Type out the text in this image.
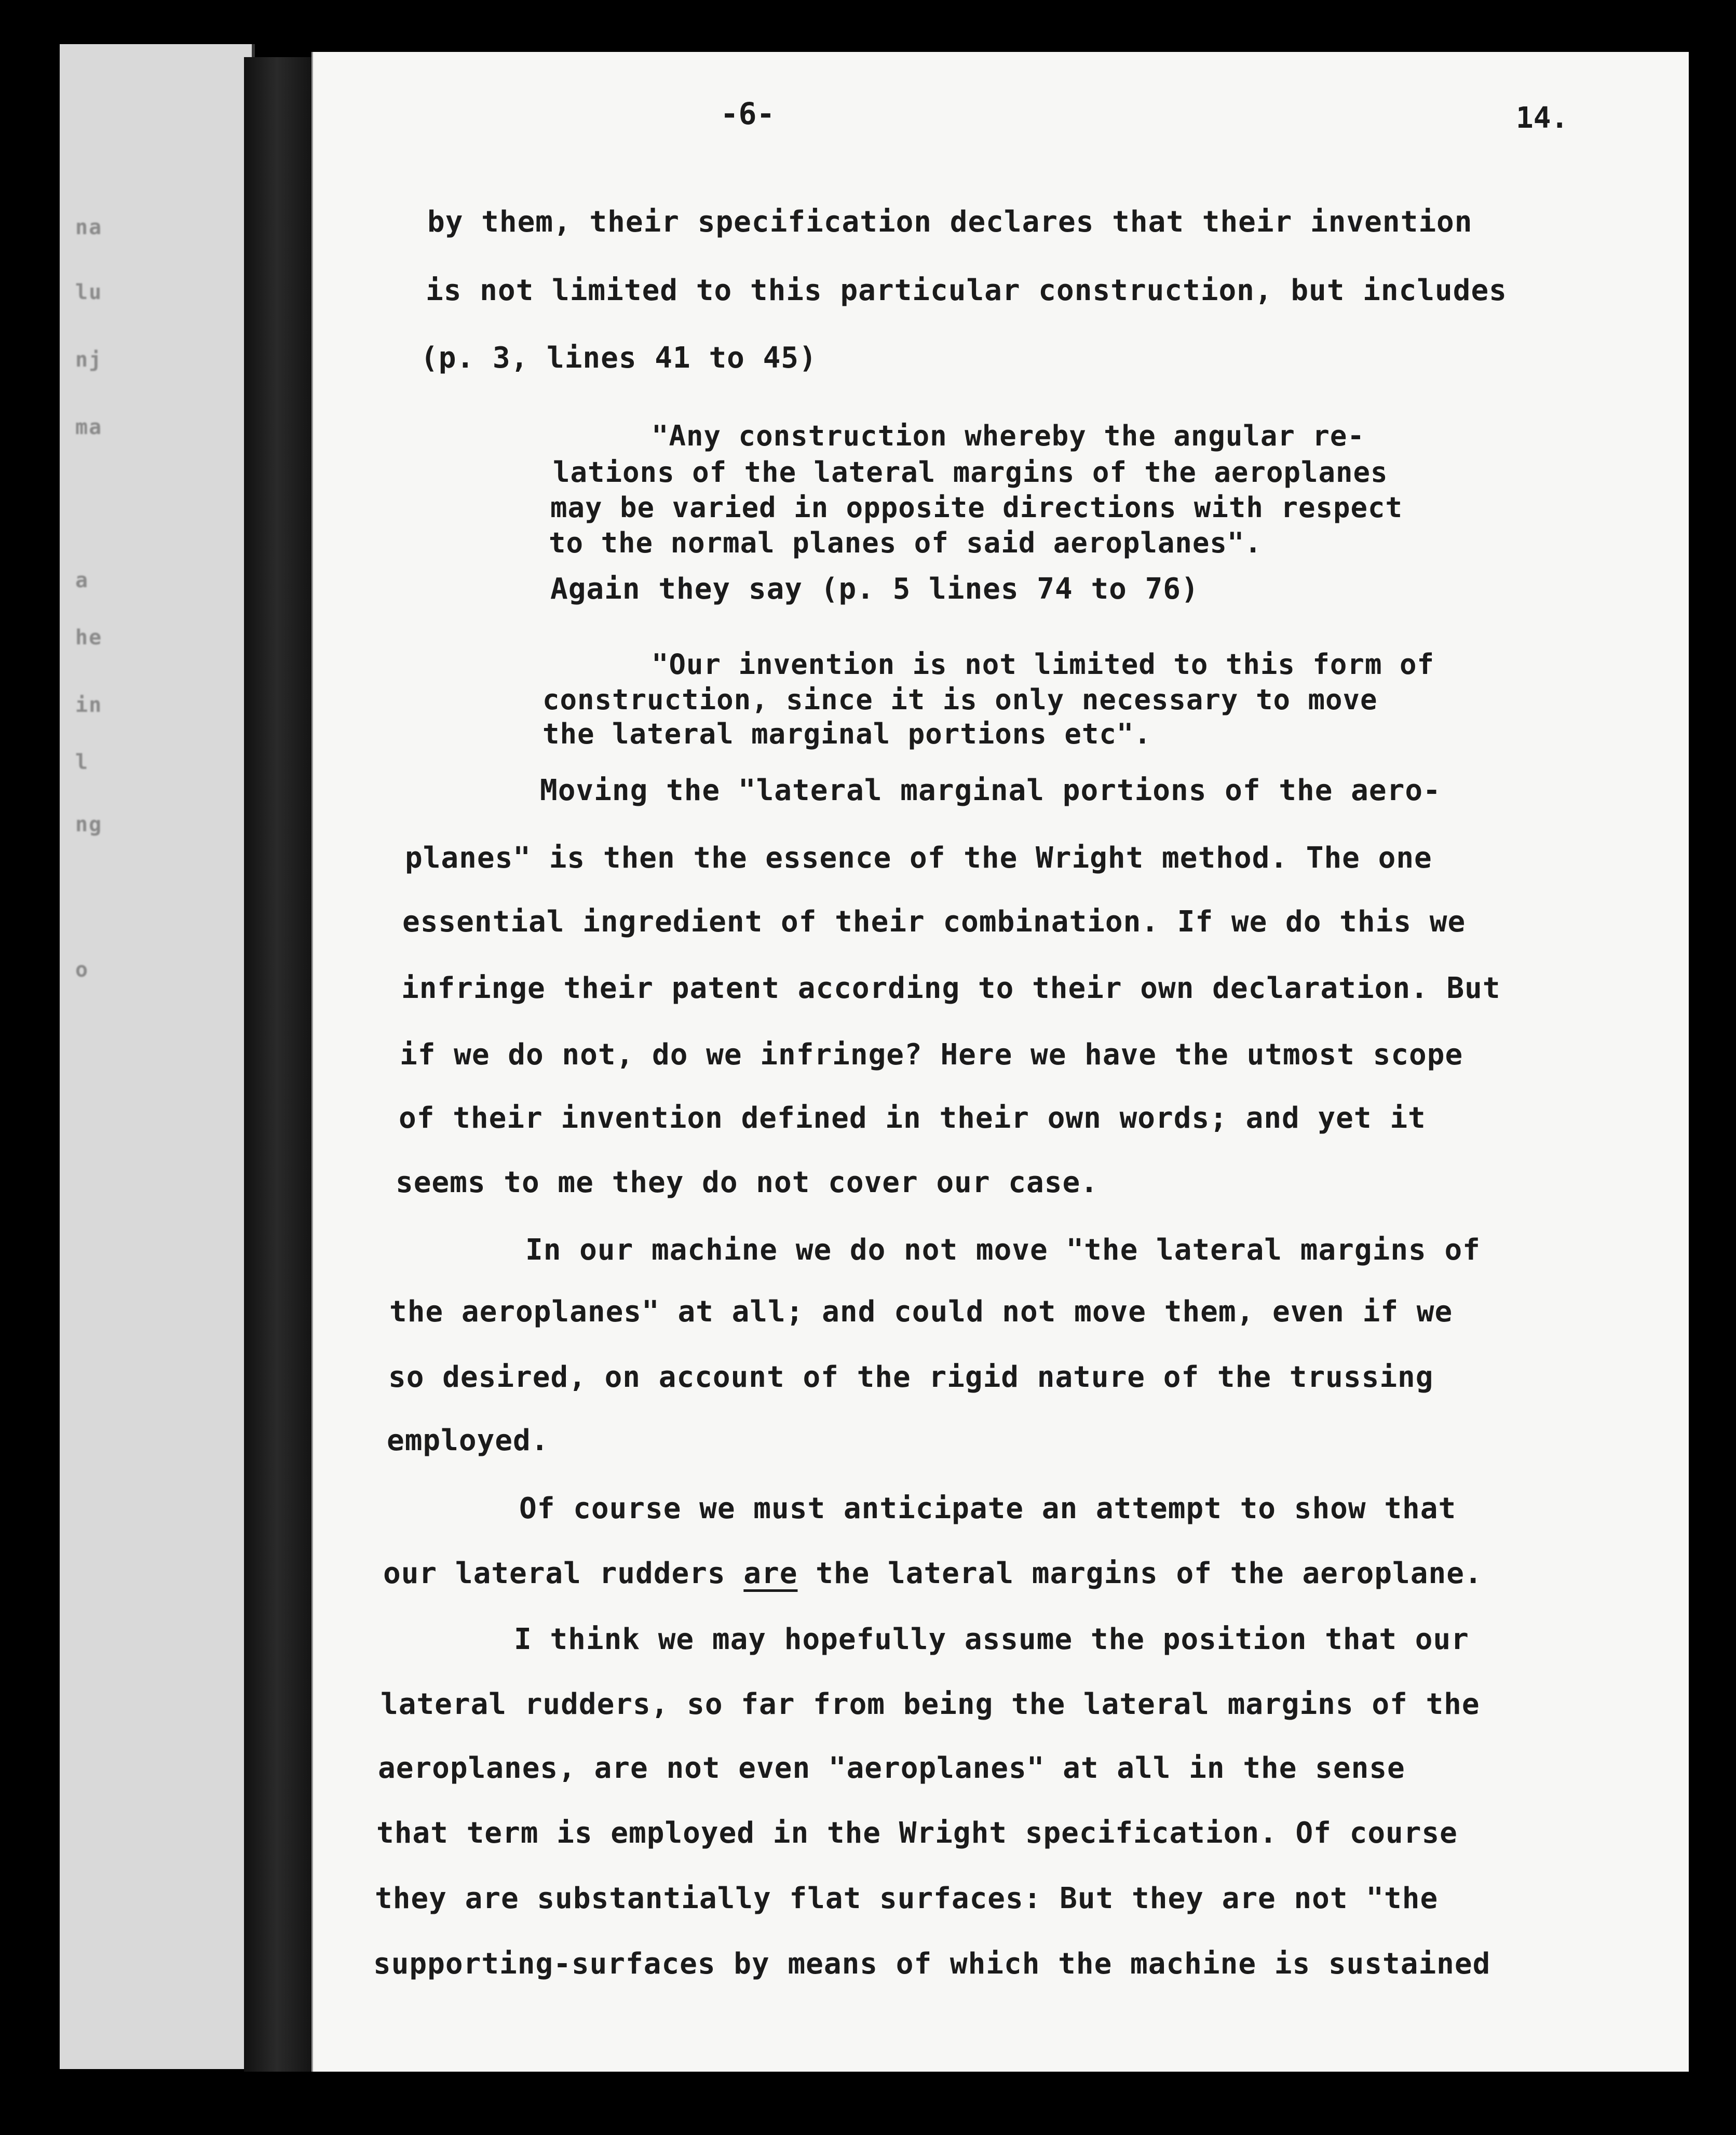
na
lu
nj
ma
a
he
in
l
ng
o
-6-	14.
by them, their specification declares that their invention
is not limited to this particular construction, but includes
(p. 3, lines 41 to 45)
"Any construction whereby the angular re-
lations of the lateral margins of the aeroplanes
may be varied in opposite directions with respect
to the normal planes of said aeroplanes".
Again they say (p. 5 lines 74 to 76)
"Our invention is not limited to this form of
construction, since it is only necessary to move
the lateral marginal portions etc".
Moving the "lateral marginal portions of the aero-
planes" is then the essence of the Wright method. The one
essential ingredient of their combination. If we do this we
infringe their patent according to their own declaration. But
if we do not, do we infringe? Here we have the utmost scope
of their invention defined in their own words; and yet it
seems to me they do not cover our case.
In our machine we do not move "the lateral margins of
the aeroplanes" at all; and could not move them, even if we
so desired, on account of the rigid nature of the trussing
employed.
Of course we must anticipate an attempt to show that
our lateral rudders are the lateral margins of the aeroplane.
I think we may hopefully assume the position that our
lateral rudders, so far from being the lateral margins of the
aeroplanes, are not even "aeroplanes" at all in the sense
that term is employed in the Wright specification. Of course
they are substantially flat surfaces: But they are not "the
supporting-surfaces by means of which the machine is sustained
